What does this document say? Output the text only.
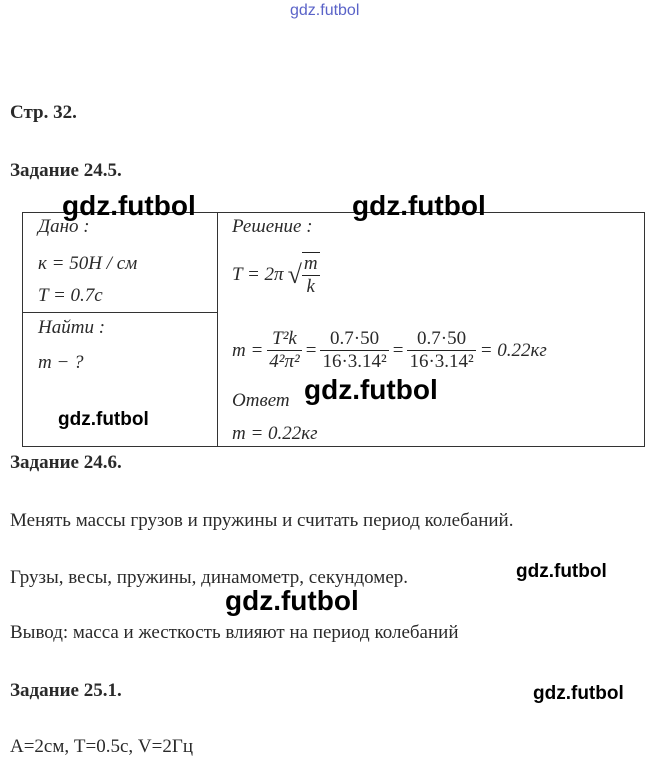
gdz.futbol
Стр. 32.
Задание 24.5.
Дано :
к = 50Н / см
T = 0.7с
Найти :
m − ?
Решение :
T = 2π √ $\frac{m}{k}$
$m = \frac{\text{T²k}}{\text{4²π²}} = \frac{0.7\cdot 50}{\text{16·3.14²}} = \frac{0.7\cdot 50}{\text{16·3.14²}} = 0.22кг$
Ответ
m = 0.22кг
gdz.futbol	gdz.futbol
gdz.futbol
gdz.futbol
Задание 24.6.
Менять массы грузов и пружины и считать период колебаний.
Грузы, весы, пружины, динамометр, секундомер.	gdz.futbol
gdz.futbol
Вывод: масса и жесткость влияют на период колебаний
Задание 25.1.	gdz.futbol
А=2см, Т=0.5с, V=2Гц
